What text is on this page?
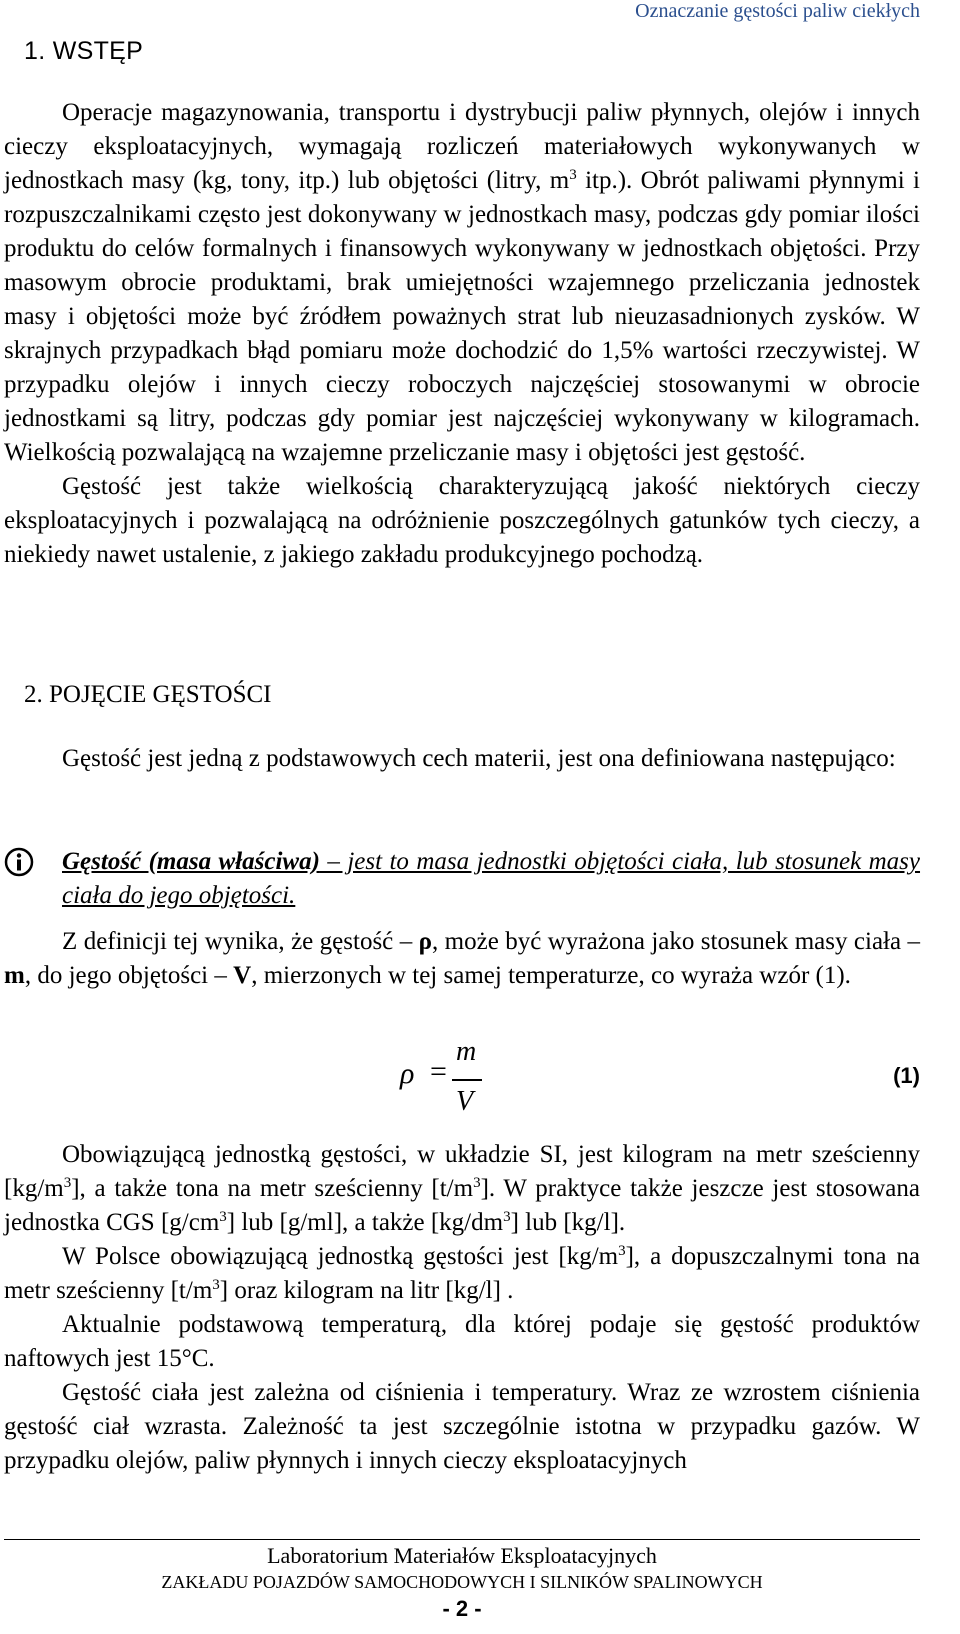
Oznaczanie gęstości paliw ciekłych
1. WSTĘP

Operacje magazynowania, transportu i dystrybucji paliw płynnych, olejów i innych cieczy eksploatacyjnych, wymagają rozliczeń materiałowych wykonywanych w jednostkach masy (kg, tony, itp.) lub objętości (litry, $m^3$ itp.). Obrót paliwami płynnymi i rozpuszczalnikami często jest dokonywany w jednostkach masy, podczas gdy pomiar ilości produktu do celów formalnych i finansowych wykonywany w jednostkach objętości. Przy masowym obrocie produktami, brak umiejętności wzajemnego przeliczania jednostek masy i objętości może być źródłem poważnych strat lub nieuzasadnionych zysków. W skrajnych przypadkach błąd pomiaru może dochodzić do 1,5% wartości rzeczywistej. W przypadku olejów i innych cieczy roboczych najczęściej stosowanymi w obrocie jednostkami są litry, podczas gdy pomiar jest najczęściej wykonywany w kilogramach. Wielkością pozwalającą na wzajemne przeliczanie masy i objętości jest gęstość.

Gęstość jest także wielkością charakteryzującą jakość niektórych cieczy eksploatacyjnych i pozwalającą na odróżnienie poszczególnych gatunków tych cieczy, a niekiedy nawet ustalenie, z jakiego zakładu produkcyjnego pochodzą.

2. POJĘCIE GĘSTOŚCI

Gęstość jest jedną z podstawowych cech materii, jest ona definiowana następująco:

Gęstość (masa właściwa) – jest to masa jednostki objętości ciała, lub stosunek masy ciała do jego objętości.

Z definicji tej wynika, że gęstość – ρ, może być wyrażona jako stosunek masy ciała – m, do jego objętości – V, mierzonych w tej samej temperaturze, co wyraża wzór (1).

ρ =
m
V
(1)

Obowiązującą jednostką gęstości, w układzie SI, jest kilogram na metr sześcienny $[kg/m^3]$, a także tona na metr sześcienny $[t/m^3]$. W praktyce także jeszcze jest stosowana jednostka CGS $[g/cm^3]$ lub [g/ml], a także $[kg/dm^3]$ lub [kg/l].

W Polsce obowiązującą jednostką gęstości jest $[kg/m^3]$, a dopuszczalnymi tona na metr sześcienny $[t/m^3]$ oraz kilogram na litr [kg/l] .

Aktualnie podstawową temperaturą, dla której podaje się gęstość produktów naftowych jest 15°C.

Gęstość ciała jest zależna od ciśnienia i temperatury. Wraz ze wzrostem ciśnienia gęstość ciał wzrasta. Zależność ta jest szczególnie istotna w przypadku gazów. W przypadku olejów, paliw płynnych i innych cieczy eksploatacyjnych

Laboratorium Materiałów Eksploatacyjnych
ZAKŁADU POJAZDÓW SAMOCHODOWYCH I SILNIKÓW SPALINOWYCH
- 2 -
